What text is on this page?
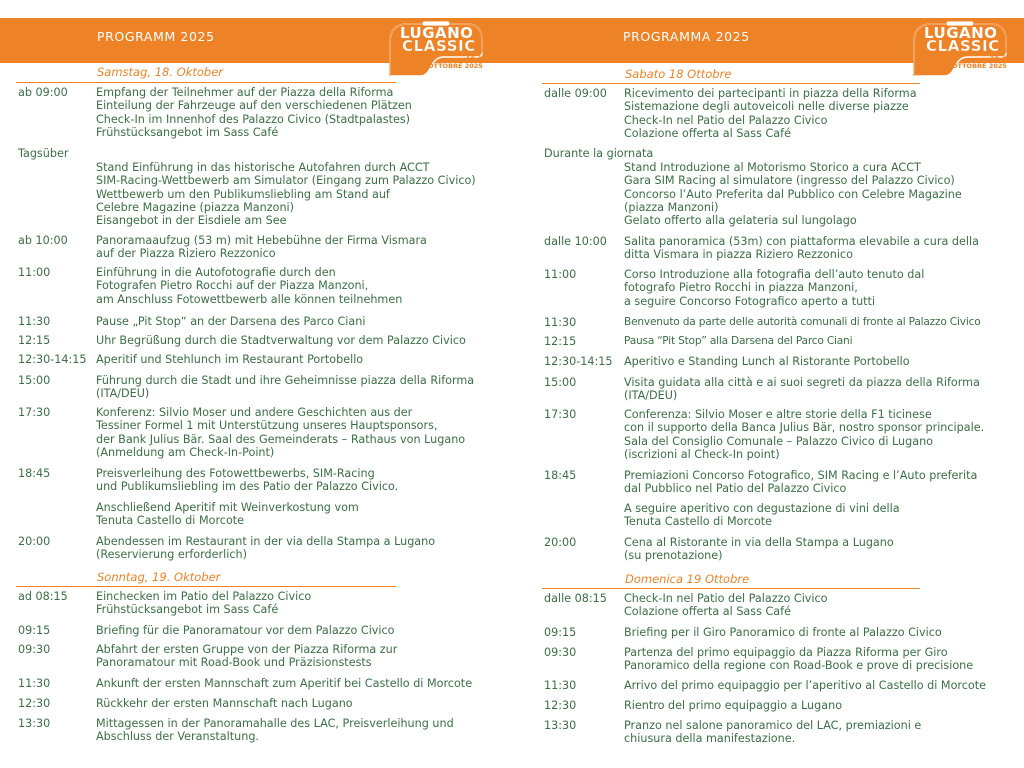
PROGRAMM 2025	LUGANO
CLASSIC
18-19
OTTOBRE 2025
Samstag, 18. Oktober
ab 09:00	Empfang der Teilnehmer auf der Piazza della Riforma
Einteilung der Fahrzeuge auf den verschiedenen Plätzen
Check-In im Innenhof des Palazzo Civico (Stadtpalastes)
Frühstücksangebot im Sass Café
Tagsüber
Stand Einführung in das historische Autofahren durch ACCT
SIM-Racing-Wettbewerb am Simulator (Eingang zum Palazzo Civico)
Wettbewerb um den Publikumsliebling am Stand auf
Celebre Magazine (piazza Manzoni)
Eisangebot in der Eisdiele am See
ab 10:00	Panoramaaufzug (53 m) mit Hebebühne der Firma Vismara
auf der Piazza Riziero Rezzonico
11:00	Einführung in die Autofotografie durch den
Fotografen Pietro Rocchi auf der Piazza Manzoni,
am Anschluss Fotowettbewerb alle können teilnehmen
11:30	Pause „Pit Stop“ an der Darsena des Parco Ciani
12:15	Uhr Begrüßung durch die Stadtverwaltung vor dem Palazzo Civico
12:30-14:15 Aperitif und Stehlunch im Restaurant Portobello
15:00	Führung durch die Stadt und ihre Geheimnisse piazza della Riforma
(ITA/DEU)
17:30	Konferenz: Silvio Moser und andere Geschichten aus der
Tessiner Formel 1 mit Unterstützung unseres Hauptsponsors,
der Bank Julius Bär. Saal des Gemeinderats – Rathaus von Lugano
(Anmeldung am Check-In-Point)
18:45	Preisverleihung des Fotowettbewerbs, SIM-Racing
und Publikumsliebling im des Patio der Palazzo Civico.
Anschließend Aperitif mit Weinverkostung vom
Tenuta Castello di Morcote
20:00	Abendessen im Restaurant in der via della Stampa a Lugano
(Reservierung erforderlich)
Sonntag, 19. Oktober
ad 08:15	Einchecken im Patio del Palazzo Civico
Frühstücksangebot im Sass Café
09:15	Briefing für die Panoramatour vor dem Palazzo Civico
09:30	Abfahrt der ersten Gruppe von der Piazza Riforma zur
Panoramatour mit Road-Book und Präzisionstests
11:30	Ankunft der ersten Mannschaft zum Aperitif bei Castello di Morcote
12:30	Rückkehr der ersten Mannschaft nach Lugano
13:30	Mittagessen in der Panoramahalle des LAC, Preisverleihung und
Abschluss der Veranstaltung.
PROGRAMMA 2025	LUGANO
CLASSIC
18-19
OTTOBRE 2025
Sabato 18 Ottobre
dalle 09:00 Ricevimento dei partecipanti in piazza della Riforma
Sistemazione degli autoveicoli nelle diverse piazze
Check-In nel Patio del Palazzo Civico
Colazione offerta al Sass Café
Durante la giornata
Stand Introduzione al Motorismo Storico a cura ACCT
Gara SIM Racing al simulatore (ingresso del Palazzo Civico)
Concorso l’Auto Preferita dal Pubblico con Celebre Magazine
(piazza Manzoni)
Gelato offerto alla gelateria sul lungolago
dalle 10:00 Salita panoramica (53m) con piattaforma elevabile a cura della
ditta Vismara in piazza Riziero Rezzonico
11:00	Corso Introduzione alla fotografia dell’auto tenuto dal
fotografo Pietro Rocchi in piazza Manzoni,
a seguire Concorso Fotografico aperto a tutti
11:30	Benvenuto da parte delle autorità comunali di fronte al Palazzo Civico
12:15	Pausa “Pit Stop” alla Darsena del Parco Ciani
12:30-14:15 Aperitivo e Standing Lunch al Ristorante Portobello
15:00	Visita guidata alla città e ai suoi segreti da piazza della Riforma
(ITA/DEU)
17:30	Conferenza: Silvio Moser e altre storie della F1 ticinese
con il supporto della Banca Julius Bär, nostro sponsor principale.
Sala del Consiglio Comunale – Palazzo Civico di Lugano
(iscrizioni al Check-In point)
18:45	Premiazioni Concorso Fotografico, SIM Racing e l’Auto preferita
dal Pubblico nel Patio del Palazzo Civico
A seguire aperitivo con degustazione di vini della
Tenuta Castello di Morcote
20:00	Cena al Ristorante in via della Stampa a Lugano
(su prenotazione)
Domenica 19 Ottobre
dalle 08:15 Check-In nel Patio del Palazzo Civico
Colazione offerta al Sass Café
09:15	Briefing per il Giro Panoramico di fronte al Palazzo Civico
09:30	Partenza del primo equipaggio da Piazza Riforma per Giro
Panoramico della regione con Road-Book e prove di precisione
11:30	Arrivo del primo equipaggio per l’aperitivo al Castello di Morcote
12:30	Rientro del primo equipaggio a Lugano
13:30	Pranzo nel salone panoramico del LAC, premiazioni e
chiusura della manifestazione.
